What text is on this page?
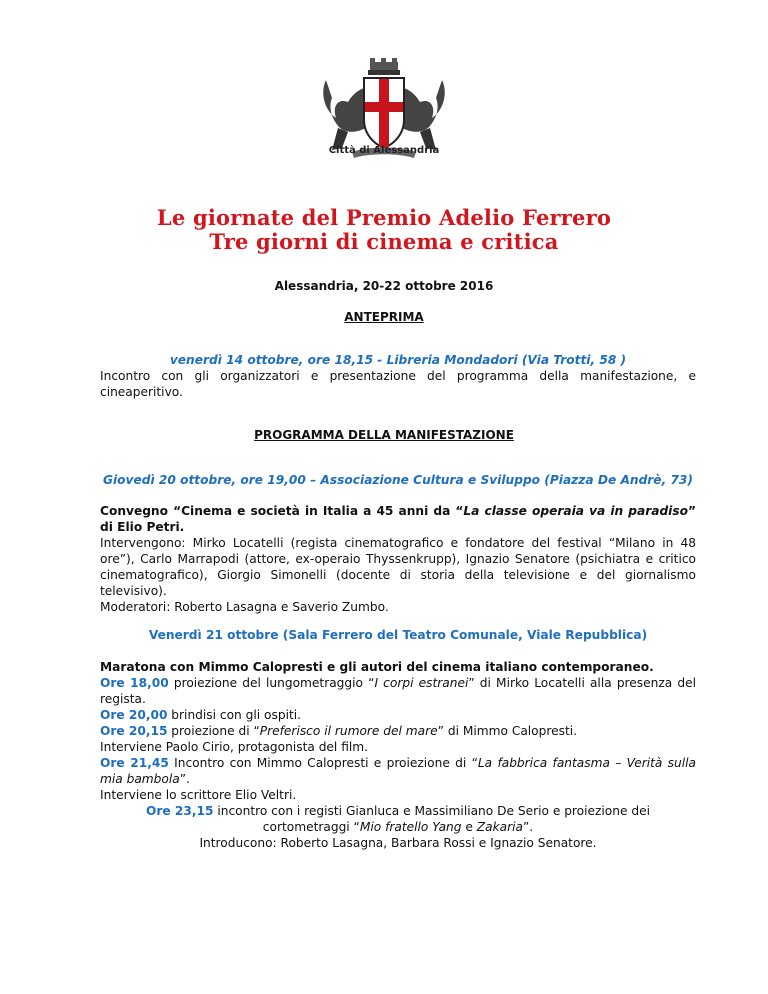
Città di Alessandria
Le giornate del Premio Adelio Ferrero
Tre giorni di cinema e critica
Alessandria, 20-22 ottobre 2016
ANTEPRIMA

venerdì 14 ottobre, ore 18,15 - Libreria Mondadori (Via Trotti, 58 )

Incontro con gli organizzatori e presentazione del programma della manifestazione, e cineaperitivo.

PROGRAMMA DELLA MANIFESTAZIONE

Giovedì 20 ottobre, ore 19,00 – Associazione Cultura e Sviluppo (Piazza De Andrè, 73)

Convegno “Cinema e società in Italia a 45 anni da “La classe operaia va in paradiso” di Elio Petri.

Intervengono: Mirko Locatelli (regista cinematografico e fondatore del festival “Milano in 48 ore”), Carlo Marrapodi (attore, ex-operaio Thyssenkrupp), Ignazio Senatore (psichiatra e critico cinematografico), Giorgio Simonelli (docente di storia della televisione e del giornalismo televisivo).

Moderatori: Roberto Lasagna e Saverio Zumbo.

Venerdì 21 ottobre (Sala Ferrero del Teatro Comunale, Viale Repubblica)

Maratona con Mimmo Calopresti e gli autori del cinema italiano contemporaneo.

Ore 18,00 proiezione del lungometraggio “I corpi estranei” di Mirko Locatelli alla presenza del regista.

Ore 20,00 brindisi con gli ospiti.

Ore 20,15 proiezione di “Preferisco il rumore del mare” di Mimmo Calopresti.

Interviene Paolo Cirio, protagonista del film.

Ore 21,45 Incontro con Mimmo Calopresti e proiezione di “La fabbrica fantasma – Verità sulla mia bambola”.

Interviene lo scrittore Elio Veltri.

Ore 23,15 incontro con i registi Gianluca e Massimiliano De Serio e proiezione dei cortometraggi “Mio fratello Yang e Zakaria”.

Introducono: Roberto Lasagna, Barbara Rossi e Ignazio Senatore.
